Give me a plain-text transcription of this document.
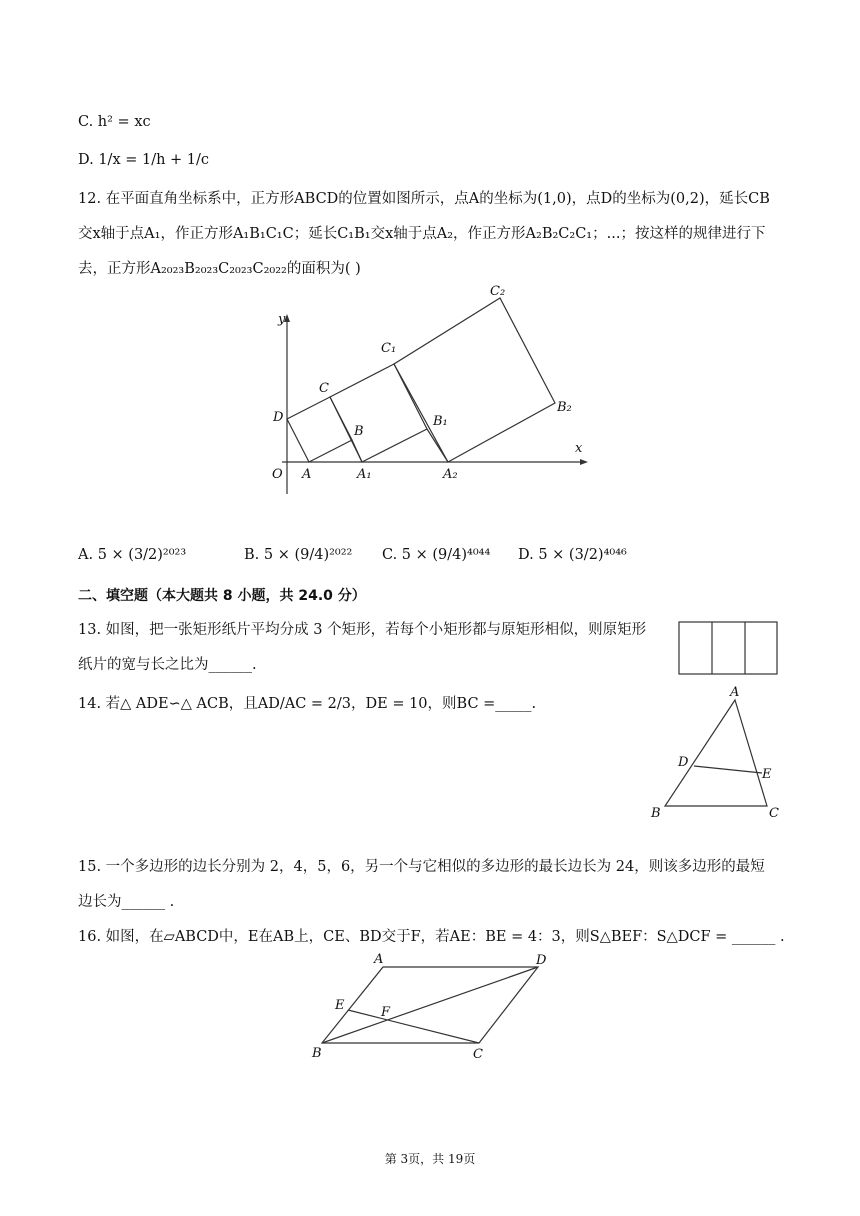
C. h² = xc
D. 1/x = 1/h + 1/c
12. 在平面直角坐标系中，正方形ABCD的位置如图所示，点A的坐标为(1,0)，点D的坐标为(0,2)，延长CB
交x轴于点A₁，作正方形A₁B₁C₁C；延长C₁B₁交x轴于点A₂，作正方形A₂B₂C₂C₁；...；按这样的规律进行下
去，正方形A₂₀₂₃B₂₀₂₃C₂₀₂₃C₂₀₂₂的面积为( )
y
x
O A	A₁	A₂
B
B₁
B₂
C
C₁
C₂
D
A
B	C
D
E
A
B	C
D
E	F
A. 5 × (3/2)²⁰²³	B. 5 × (9/4)²⁰²² C. 5 × (9/4)⁴⁰⁴⁴ D. 5 × (3/2)⁴⁰⁴⁶
二、填空题（本大题共 8 小题，共 24.0 分）
13. 如图，把一张矩形纸片平均分成 3 个矩形，若每个小矩形都与原矩形相似，则原矩形
纸片的宽与长之比为______.
14. 若△ ADE∽△ ACB，且AD/AC = 2/3，DE = 10，则BC =_____.
15. 一个多边形的边长分别为 2，4，5，6，另一个与它相似的多边形的最长边长为 24，则该多边形的最短
边长为______ .
16. 如图，在▱ABCD中，E在AB上，CE、BD交于F，若AE：BE = 4：3，则S△BEF：S△DCF = ______ .
第 3页，共 19页
